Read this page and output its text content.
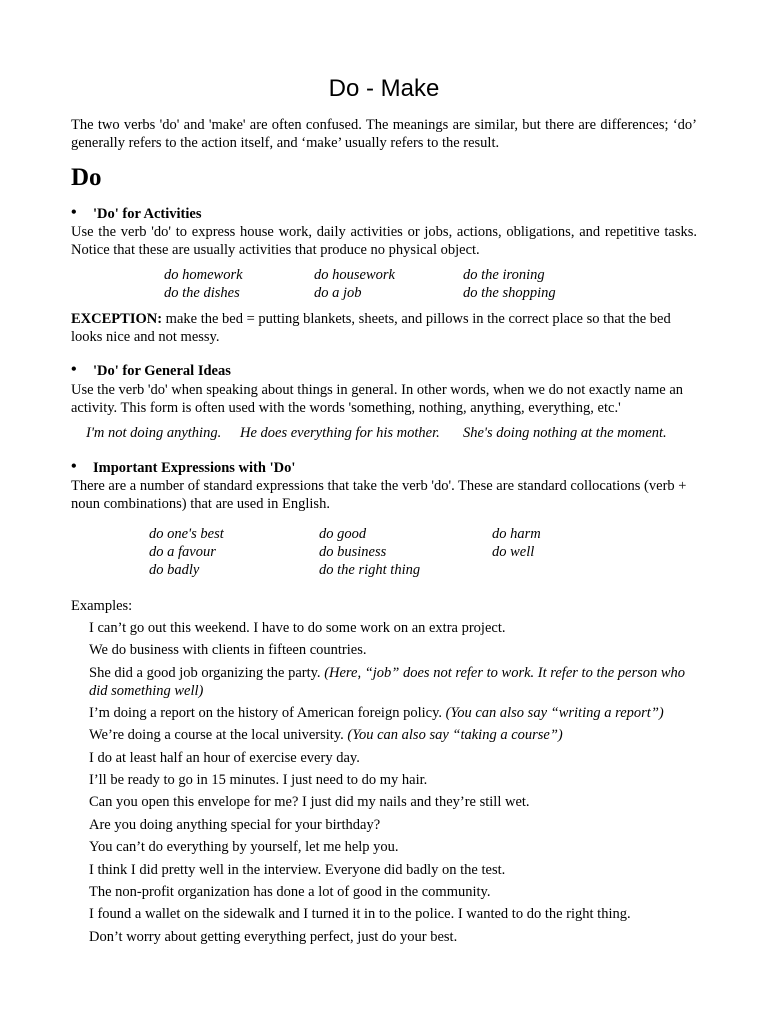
Do - Make
The two verbs 'do' and 'make' are often confused. The meanings are similar, but there are differences; ‘do’ generally refers to the action itself, and ‘make’ usually refers to the result.
Do
• 'Do' for Activities
Use the verb 'do' to express house work, daily activities or jobs, actions, obligations, and repetitive tasks. Notice that these are usually activities that produce no physical object.
do homework	do housework	do the ironing
do the dishes	do a job	do the shopping
EXCEPTION: make the bed = putting blankets, sheets, and pillows in the correct place so that the bed looks nice and not messy.
• 'Do' for General Ideas
Use the verb 'do' when speaking about things in general. In other words, when we do not exactly name an activity. This form is often used with the words 'something, nothing, anything, everything, etc.'
I'm not doing anything. He does everything for his mother. She's doing nothing at the moment.
• Important Expressions with 'Do'
There are a number of standard expressions that take the verb 'do'. These are standard collocations (verb + noun combinations) that are used in English.
do one's best	do good	do harm
do a favour	do business	do well
do badly	do the right thing
Examples:
I can’t go out this weekend. I have to do some work on an extra project.
We do business with clients in fifteen countries.
She did a good job organizing the party. (Here, “job” does not refer to work. It refer to the person who did something well)
I’m doing a report on the history of American foreign policy. (You can also say “writing a report”)
We’re doing a course at the local university. (You can also say “taking a course”)
I do at least half an hour of exercise every day.
I’ll be ready to go in 15 minutes. I just need to do my hair.
Can you open this envelope for me? I just did my nails and they’re still wet.
Are you doing anything special for your birthday?
You can’t do everything by yourself, let me help you.
I think I did pretty well in the interview. Everyone did badly on the test.
The non-profit organization has done a lot of good in the community.
I found a wallet on the sidewalk and I turned it in to the police. I wanted to do the right thing.
Don’t worry about getting everything perfect, just do your best.
